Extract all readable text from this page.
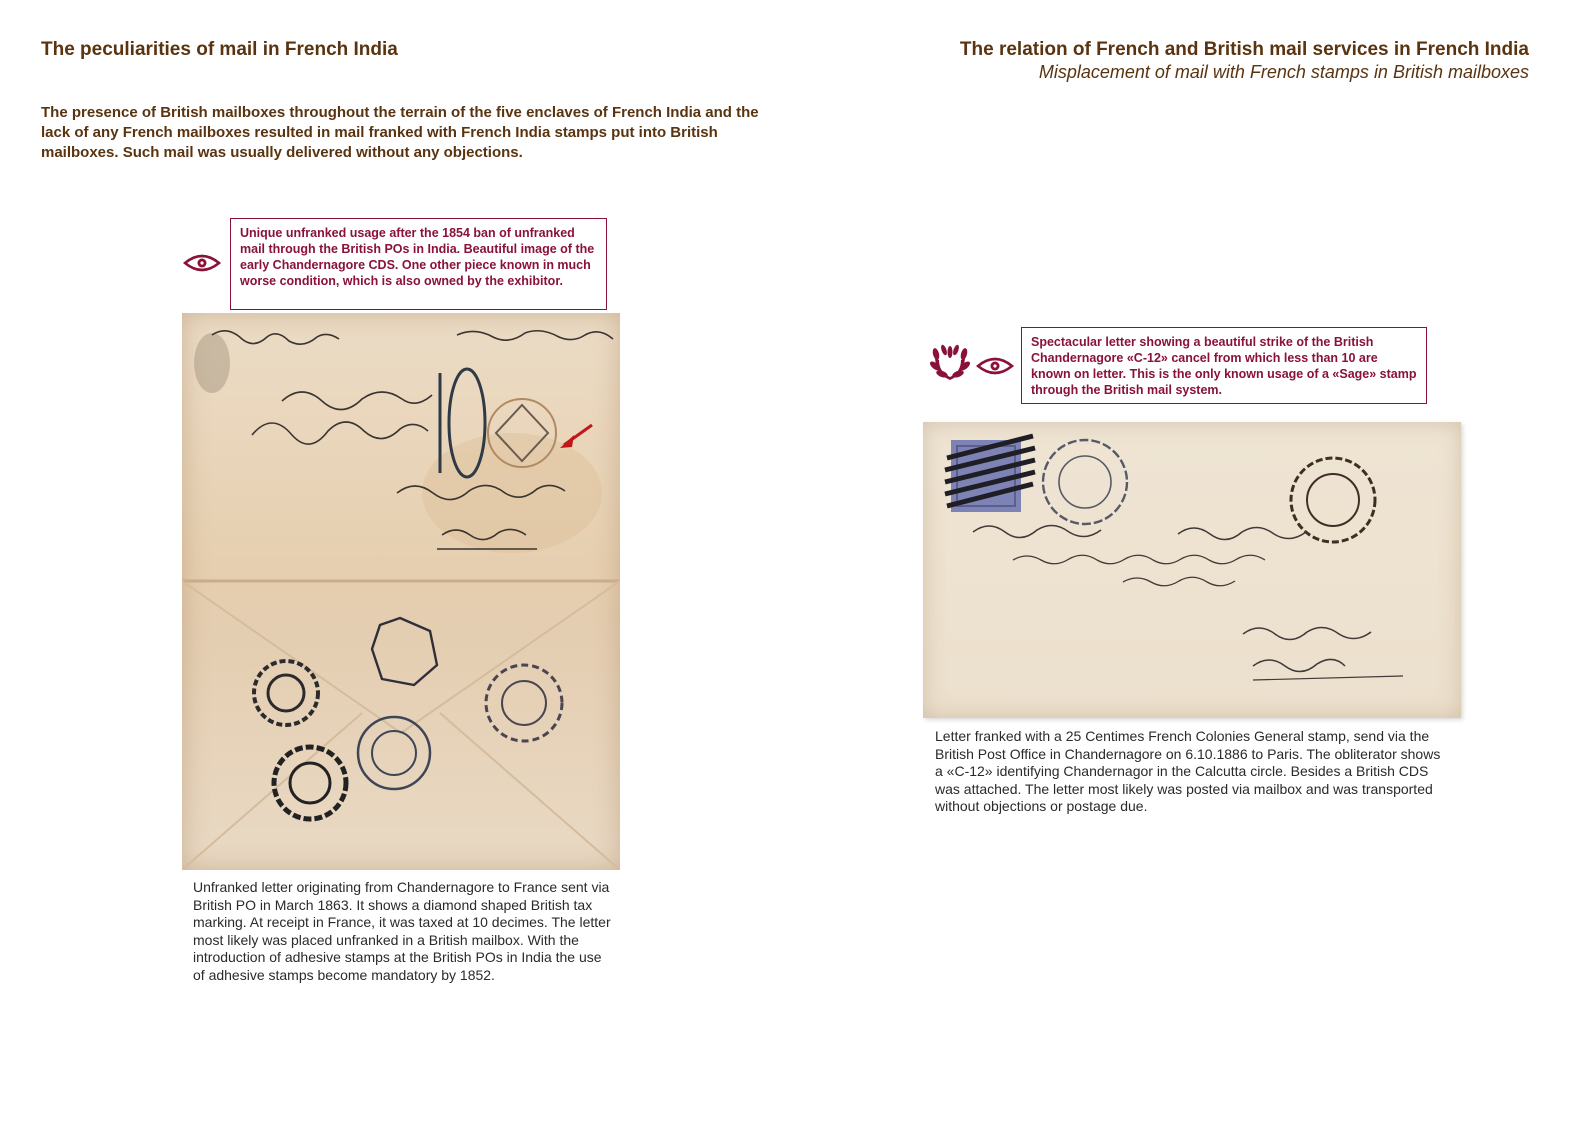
The peculiarities of mail in French India
The presence of British mailboxes throughout the terrain of the five enclaves of French India and the lack of any French mailboxes resulted in mail franked with French India stamps put into British mailboxes. Such mail was usually delivered without any objections.
Unique unfranked usage after the 1854 ban of unfranked mail through the British POs in India. Beautiful image of the early Chandernagore CDS. One other piece known in much worse condition, which is also owned by the exhibitor.
Unfranked letter originating from Chandernagore to France sent via British PO in March 1863. It shows a diamond shaped British tax marking. At receipt in France, it was taxed at 10 decimes. The letter most likely was placed unfranked in a British mailbox. With the introduction of adhesive stamps at the British POs in India the use of adhesive stamps become mandatory by 1852.
The relation of French and British mail services in French India
Misplacement of mail with French stamps in British mailboxes
Spectacular letter showing a beautiful strike of the British Chandernagore «C-12» cancel from which less than 10 are known on letter. This is the only known usage of a «Sage» stamp through the British mail system.
Letter franked with a 25 Centimes French Colonies General stamp, send via the British Post Office in Chandernagore on 6.10.1886 to Paris. The obliterator shows a «C-12» identifying Chandernagor in the Calcutta circle. Besides a British CDS was attached. The letter most likely was posted via mailbox and was transported without objections or postage due.
